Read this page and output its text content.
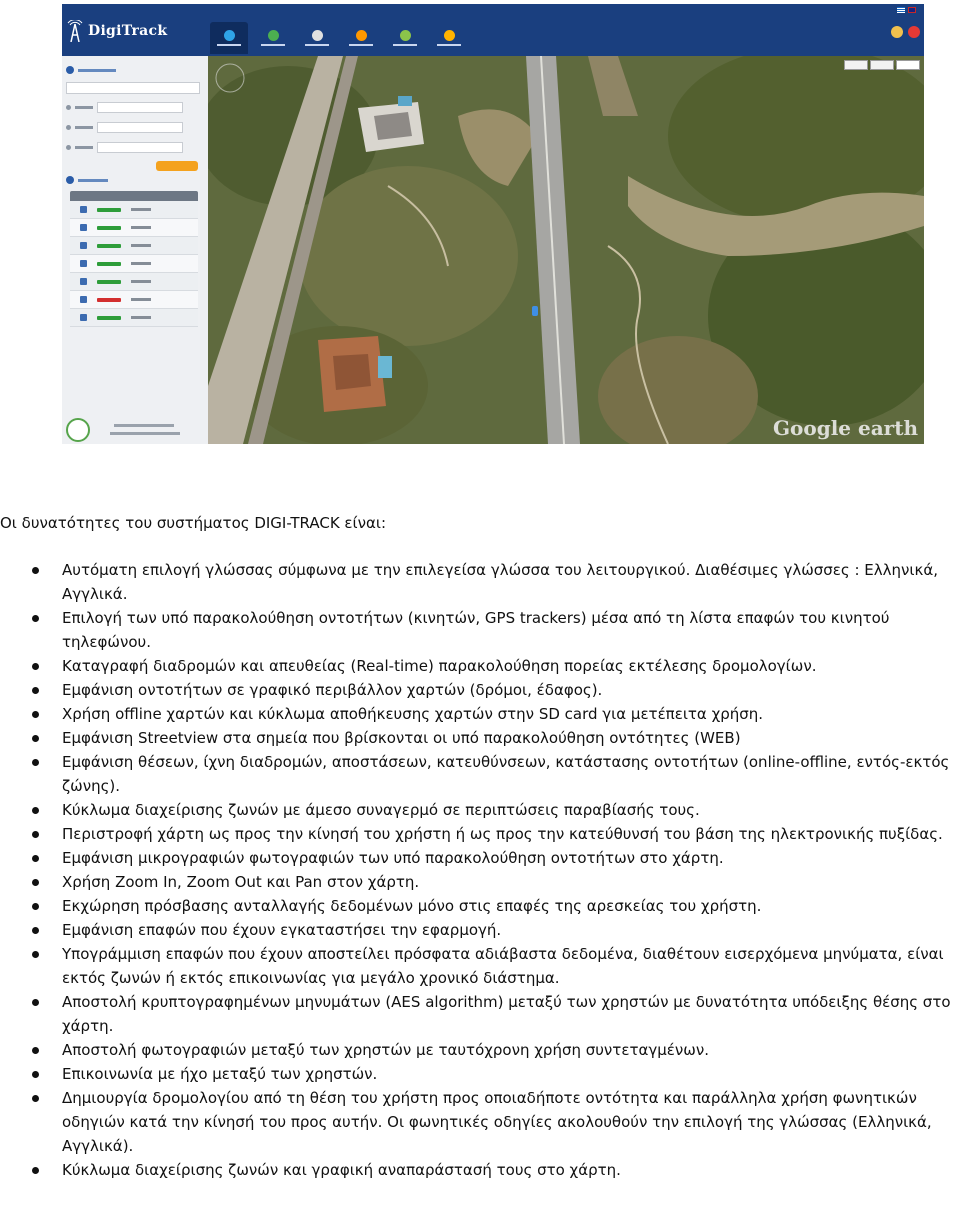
DigiTrack
Google earth

Οι δυνατότητες του συστήματος DIGI-TRACK είναι:

Αυτόματη επιλογή γλώσσας σύμφωνα με την επιλεγείσα γλώσσα του λειτουργικού. Διαθέσιμες γλώσσες : Ελληνικά, Αγγλικά.
Επιλογή των υπό παρακολούθηση οντοτήτων (κινητών, GPS trackers) μέσα από τη λίστα επαφών του κινητού τηλεφώνου.
Καταγραφή διαδρομών και απευθείας (Real-time) παρακολούθηση πορείας εκτέλεσης δρομολογίων.
Εμφάνιση οντοτήτων σε γραφικό περιβάλλον χαρτών (δρόμοι, έδαφος).
Χρήση offline χαρτών και κύκλωμα αποθήκευσης χαρτών στην SD card για μετέπειτα χρήση.
Εμφάνιση Streetview στα σημεία που βρίσκονται οι υπό παρακολούθηση οντότητες (WEB)
Εμφάνιση θέσεων, ίχνη διαδρομών, αποστάσεων, κατευθύνσεων, κατάστασης οντοτήτων (online-offline, εντός-εκτός ζώνης).
Κύκλωμα διαχείρισης ζωνών με άμεσο συναγερμό σε περιπτώσεις παραβίασής τους.
Περιστροφή χάρτη ως προς την κίνησή του χρήστη ή ως προς την κατεύθυνσή του βάση της ηλεκτρονικής πυξίδας.
Εμφάνιση μικρογραφιών φωτογραφιών των υπό παρακολούθηση οντοτήτων στο χάρτη.
Χρήση Zoom In, Zoom Out και Pan στον χάρτη.
Εκχώρηση πρόσβασης ανταλλαγής δεδομένων μόνο στις επαφές της αρεσκείας του χρήστη.
Εμφάνιση επαφών που έχουν εγκαταστήσει την εφαρμογή.
Υπογράμμιση επαφών που έχουν αποστείλει πρόσφατα αδιάβαστα δεδομένα, διαθέτουν εισερχόμενα μηνύματα, είναι εκτός ζωνών ή εκτός επικοινωνίας για μεγάλο χρονικό διάστημα.
Αποστολή κρυπτογραφημένων μηνυμάτων (AES algorithm) μεταξύ των χρηστών με δυνατότητα υπόδειξης θέσης στο χάρτη.
Αποστολή φωτογραφιών μεταξύ των χρηστών με ταυτόχρονη χρήση συντεταγμένων.
Επικοινωνία με ήχο μεταξύ των χρηστών.
Δημιουργία δρομολογίου από τη θέση του χρήστη προς οποιαδήποτε οντότητα και παράλληλα χρήση φωνητικών οδηγιών κατά την κίνησή του προς αυτήν. Οι φωνητικές οδηγίες ακολουθούν την επιλογή της γλώσσας (Ελληνικά, Αγγλικά).
Κύκλωμα διαχείρισης ζωνών και γραφική αναπαράστασή τους στο χάρτη.
